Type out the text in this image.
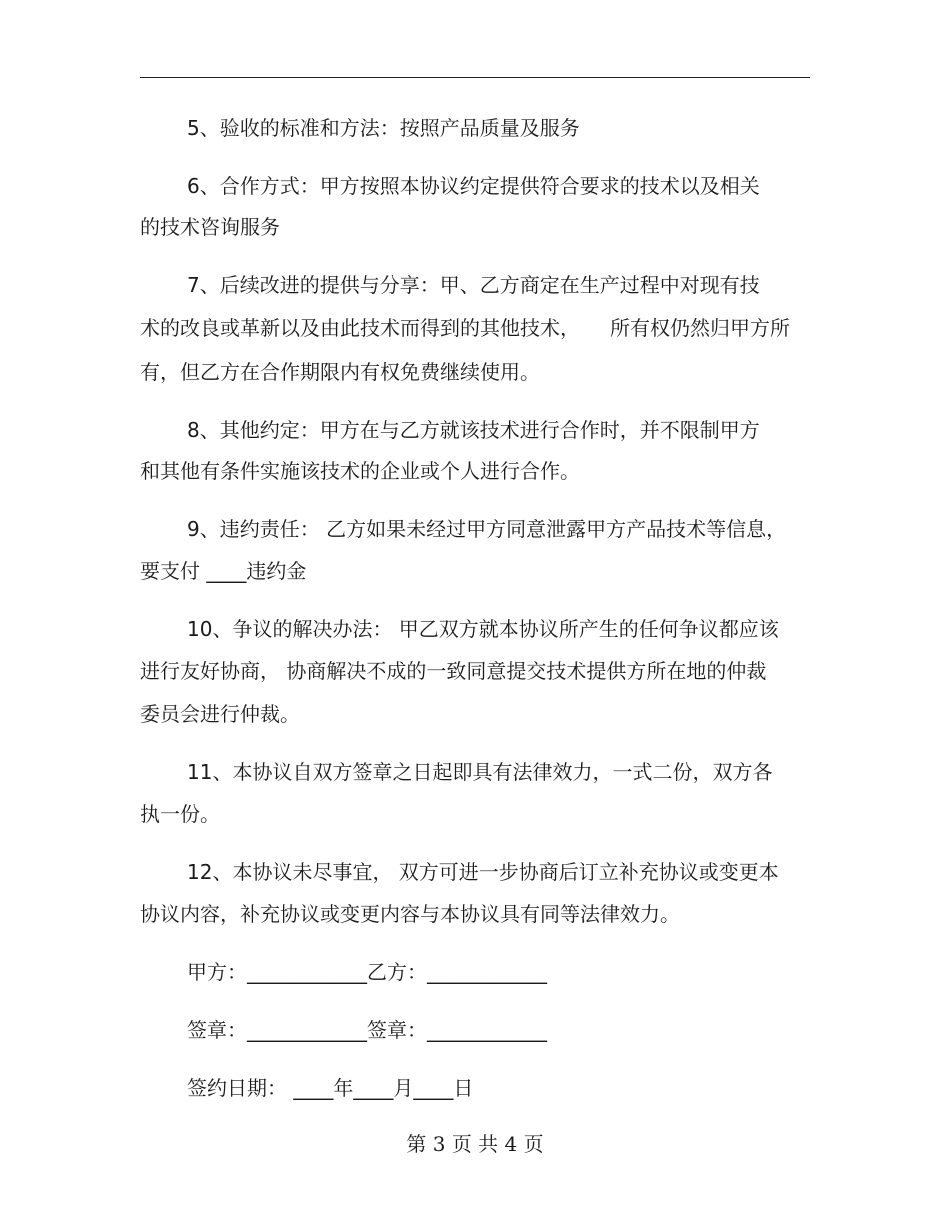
5、验收的标准和方法：按照产品质量及服务
6、合作方式：甲方按照本协议约定提供符合要求的技术以及相关
的技术咨询服务
7、后续改进的提供与分享：甲、乙方商定在生产过程中对现有技
术的改良或革新以及由此技术而得到的其他技术，　　所有权仍然归甲方所
有，但乙方在合作期限内有权免费继续使用。
8、其他约定：甲方在与乙方就该技术进行合作时，并不限制甲方
和其他有条件实施该技术的企业或个人进行合作。
9、违约责任： 乙方如果未经过甲方同意泄露甲方产品技术等信息，
要支付 ____违约金
10、争议的解决办法： 甲乙双方就本协议所产生的任何争议都应该
进行友好协商， 协商解决不成的一致同意提交技术提供方所在地的仲裁
委员会进行仲裁。
11、本协议自双方签章之日起即具有法律效力，一式二份，双方各
执一份。
12、本协议未尽事宜， 双方可进一步协商后订立补充协议或变更本
协议内容，补充协议或变更内容与本协议具有同等法律效力。
甲方：____________乙方：____________
签章：____________签章：____________
签约日期： ____年____月____日
第 3 页 共 4 页
